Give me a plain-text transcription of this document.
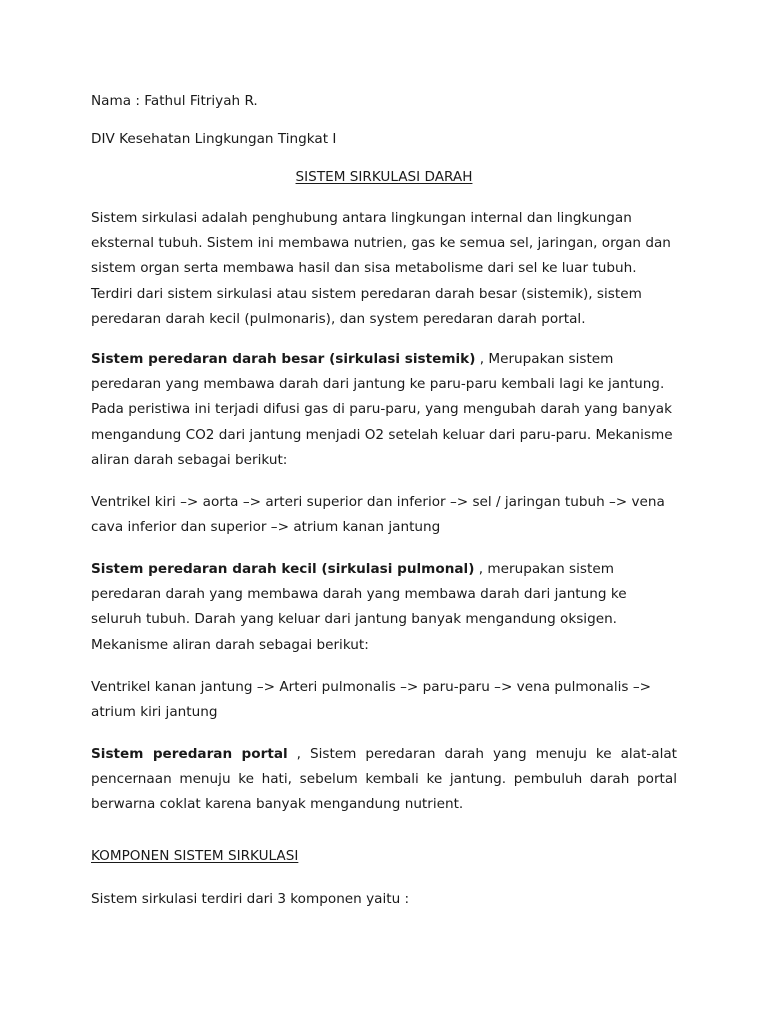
Nama : Fathul Fitriyah R.
DIV Kesehatan Lingkungan Tingkat I
SISTEM SIRKULASI DARAH

Sistem sirkulasi adalah penghubung antara lingkungan internal dan lingkungan eksternal tubuh. Sistem ini membawa nutrien, gas ke semua sel, jaringan, organ dan sistem organ serta membawa hasil dan sisa metabolisme dari sel ke luar tubuh. Terdiri dari sistem sirkulasi atau sistem peredaran darah besar (sistemik), sistem peredaran darah kecil (pulmonaris), dan system peredaran darah portal.

Sistem peredaran darah besar (sirkulasi sistemik) , Merupakan sistem peredaran yang membawa darah dari jantung ke paru-paru kembali lagi ke jantung. Pada peristiwa ini terjadi difusi gas di paru-paru, yang mengubah darah yang banyak mengandung CO2 dari jantung menjadi O2 setelah keluar dari paru-paru. Mekanisme aliran darah sebagai berikut:

Ventrikel kiri –> aorta –> arteri superior dan inferior –> sel / jaringan tubuh –> vena cava inferior dan superior –> atrium kanan jantung

Sistem peredaran darah kecil (sirkulasi pulmonal) , merupakan sistem peredaran darah yang membawa darah yang membawa darah dari jantung ke seluruh tubuh. Darah yang keluar dari jantung banyak mengandung oksigen. Mekanisme aliran darah sebagai berikut:

Ventrikel kanan jantung –> Arteri pulmonalis –> paru-paru –> vena pulmonalis –> atrium kiri jantung

Sistem peredaran portal , Sistem peredaran darah yang menuju ke alat-alat pencernaan menuju ke hati, sebelum kembali ke jantung. pembuluh darah portal berwarna coklat karena banyak mengandung nutrient.

KOMPONEN SISTEM SIRKULASI
Sistem sirkulasi terdiri dari 3 komponen yaitu :
